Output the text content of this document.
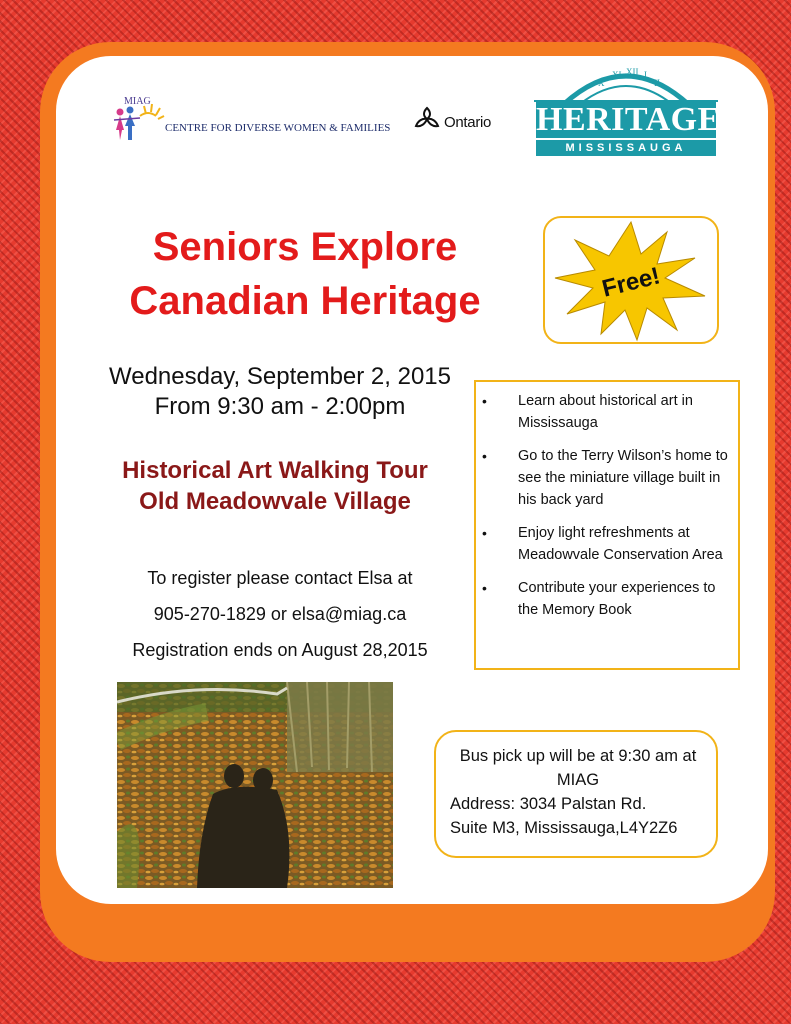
MIAG
CENTRE FOR DIVERSE WOMEN & FAMILIES	Ontario
X
XI XII I
II
HERITAGE
MISSISSAUGA
Seniors Explore
Canadian Heritage	Free!
Wednesday, September 2, 2015
From 9:30 am - 2:00pm
Historical Art Walking Tour
Old Meadowvale Village
To register please contact Elsa at
905-270-1829 or elsa@miag.ca
Registration ends on August 28,2015
• Learn about historical art in Mississauga
• Go to the Terry Wilson’s home to see the miniature village built in his back yard
• Enjoy light refreshments at Meadowvale Conservation Area
• Contribute your experiences to the Memory Book
Bus pick up will be at 9:30 am at
MIAG
Address: 3034 Palstan Rd.
Suite M3, Mississauga,L4Y2Z6
